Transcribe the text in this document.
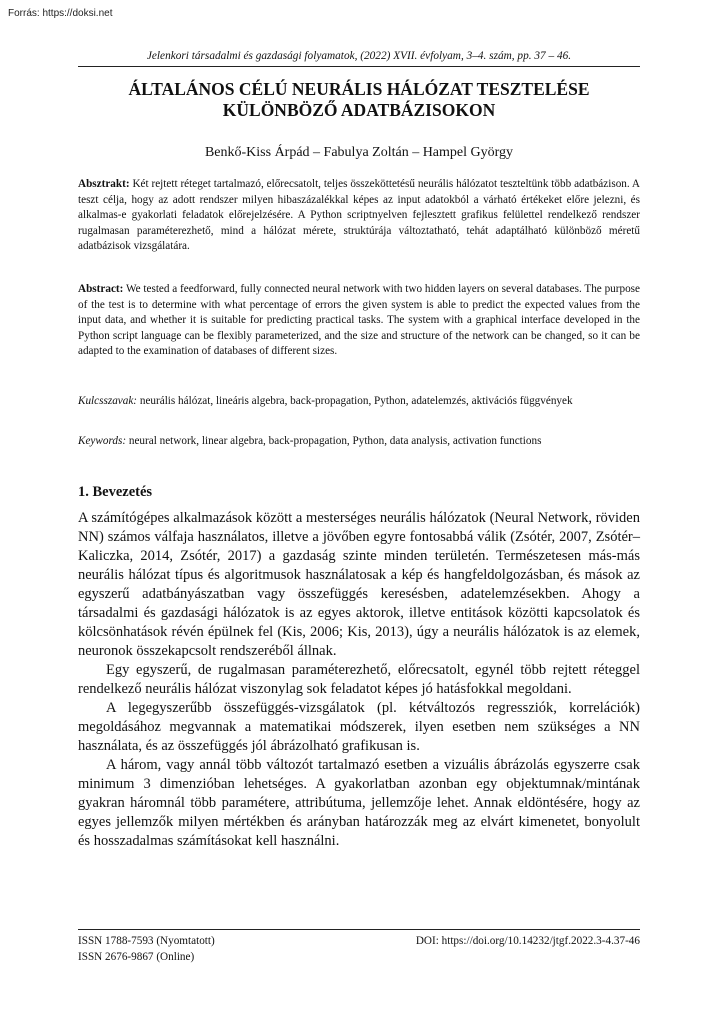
Forrás: https://doksi.net
Jelenkori társadalmi és gazdasági folyamatok, (2022) XVII. évfolyam, 3–4. szám, pp. 37 – 46.
ÁLTALÁNOS CÉLÚ NEURÁLIS HÁLÓZAT TESZTELÉSE
KÜLÖNBÖZŐ ADATBÁZISOKON
Benkő-Kiss Árpád – Fabulya Zoltán – Hampel György
Absztrakt: Két rejtett réteget tartalmazó, előrecsatolt, teljes összeköttetésű neurális hálózatot teszteltünk több adatbázison. A teszt célja, hogy az adott rendszer milyen hibaszázalékkal képes az input adatokból a várható értékeket előre jelezni, és alkalmas-e gyakorlati feladatok előrejelzésére. A Python scriptnyelven fejlesztett grafikus felülettel rendelkező rendszer rugalmasan paraméterezhető, mind a hálózat mérete, struktúrája változtatható, tehát adaptálható különböző méretű adatbázisok vizsgálatára.
Abstract: We tested a feedforward, fully connected neural network with two hidden layers on several databases. The purpose of the test is to determine with what percentage of errors the given system is able to predict the expected values from the input data, and whether it is suitable for predicting practical tasks. The system with a graphical interface developed in the Python script language can be flexibly parameterized, and the size and structure of the network can be changed, so it can be adapted to the examination of databases of different sizes.
Kulcsszavak: neurális hálózat, lineáris algebra, back-propagation, Python, adatelemzés, aktivációs függvények
Keywords: neural network, linear algebra, back-propagation, Python, data analysis, activation functions
1. Bevezetés

A számítógépes alkalmazások között a mesterséges neurális hálózatok (Neural Network, röviden NN) számos válfaja használatos, illetve a jövőben egyre fontosabbá válik (Zsótér, 2007, Zsótér–Kaliczka, 2014, Zsótér, 2017) a gazdaság szinte minden területén. Természetesen más-más neurális hálózat típus és algoritmusok használatosak a kép és hangfeldolgozásban, és mások az egyszerű adatbányászatban vagy összefüggés keresésben, adatelemzésekben. Ahogy a társadalmi és gazdasági hálózatok is az egyes aktorok, illetve entitások közötti kapcsolatok és kölcsönhatások révén épülnek fel (Kis, 2006; Kis, 2013), úgy a neurális hálózatok is az elemek, neuronok összekapcsolt rendszeréből állnak.

Egy egyszerű, de rugalmasan paraméterezhető, előrecsatolt, egynél több rejtett réteggel rendelkező neurális hálózat viszonylag sok feladatot képes jó hatásfokkal megoldani.

A legegyszerűbb összefüggés-vizsgálatok (pl. kétváltozós regressziók, korrelációk) megoldásához megvannak a matematikai módszerek, ilyen esetben nem szükséges a NN használata, és az összefüggés jól ábrázolható grafikusan is.

A három, vagy annál több változót tartalmazó esetben a vizuális ábrázolás egyszerre csak minimum 3 dimenzióban lehetséges. A gyakorlatban azonban egy objektumnak/mintának gyakran háromnál több paramétere, attribútuma, jellemzője lehet. Annak eldöntésére, hogy az egyes jellemzők milyen mértékben és arányban határozzák meg az elvárt kimenetet, bonyolult és hosszadalmas számításokat kell használni.

ISSN 1788-7593 (Nyomtatott)
ISSN 2676-9867 (Online)
DOI: https://doi.org/10.14232/jtgf.2022.3-4.37-46
